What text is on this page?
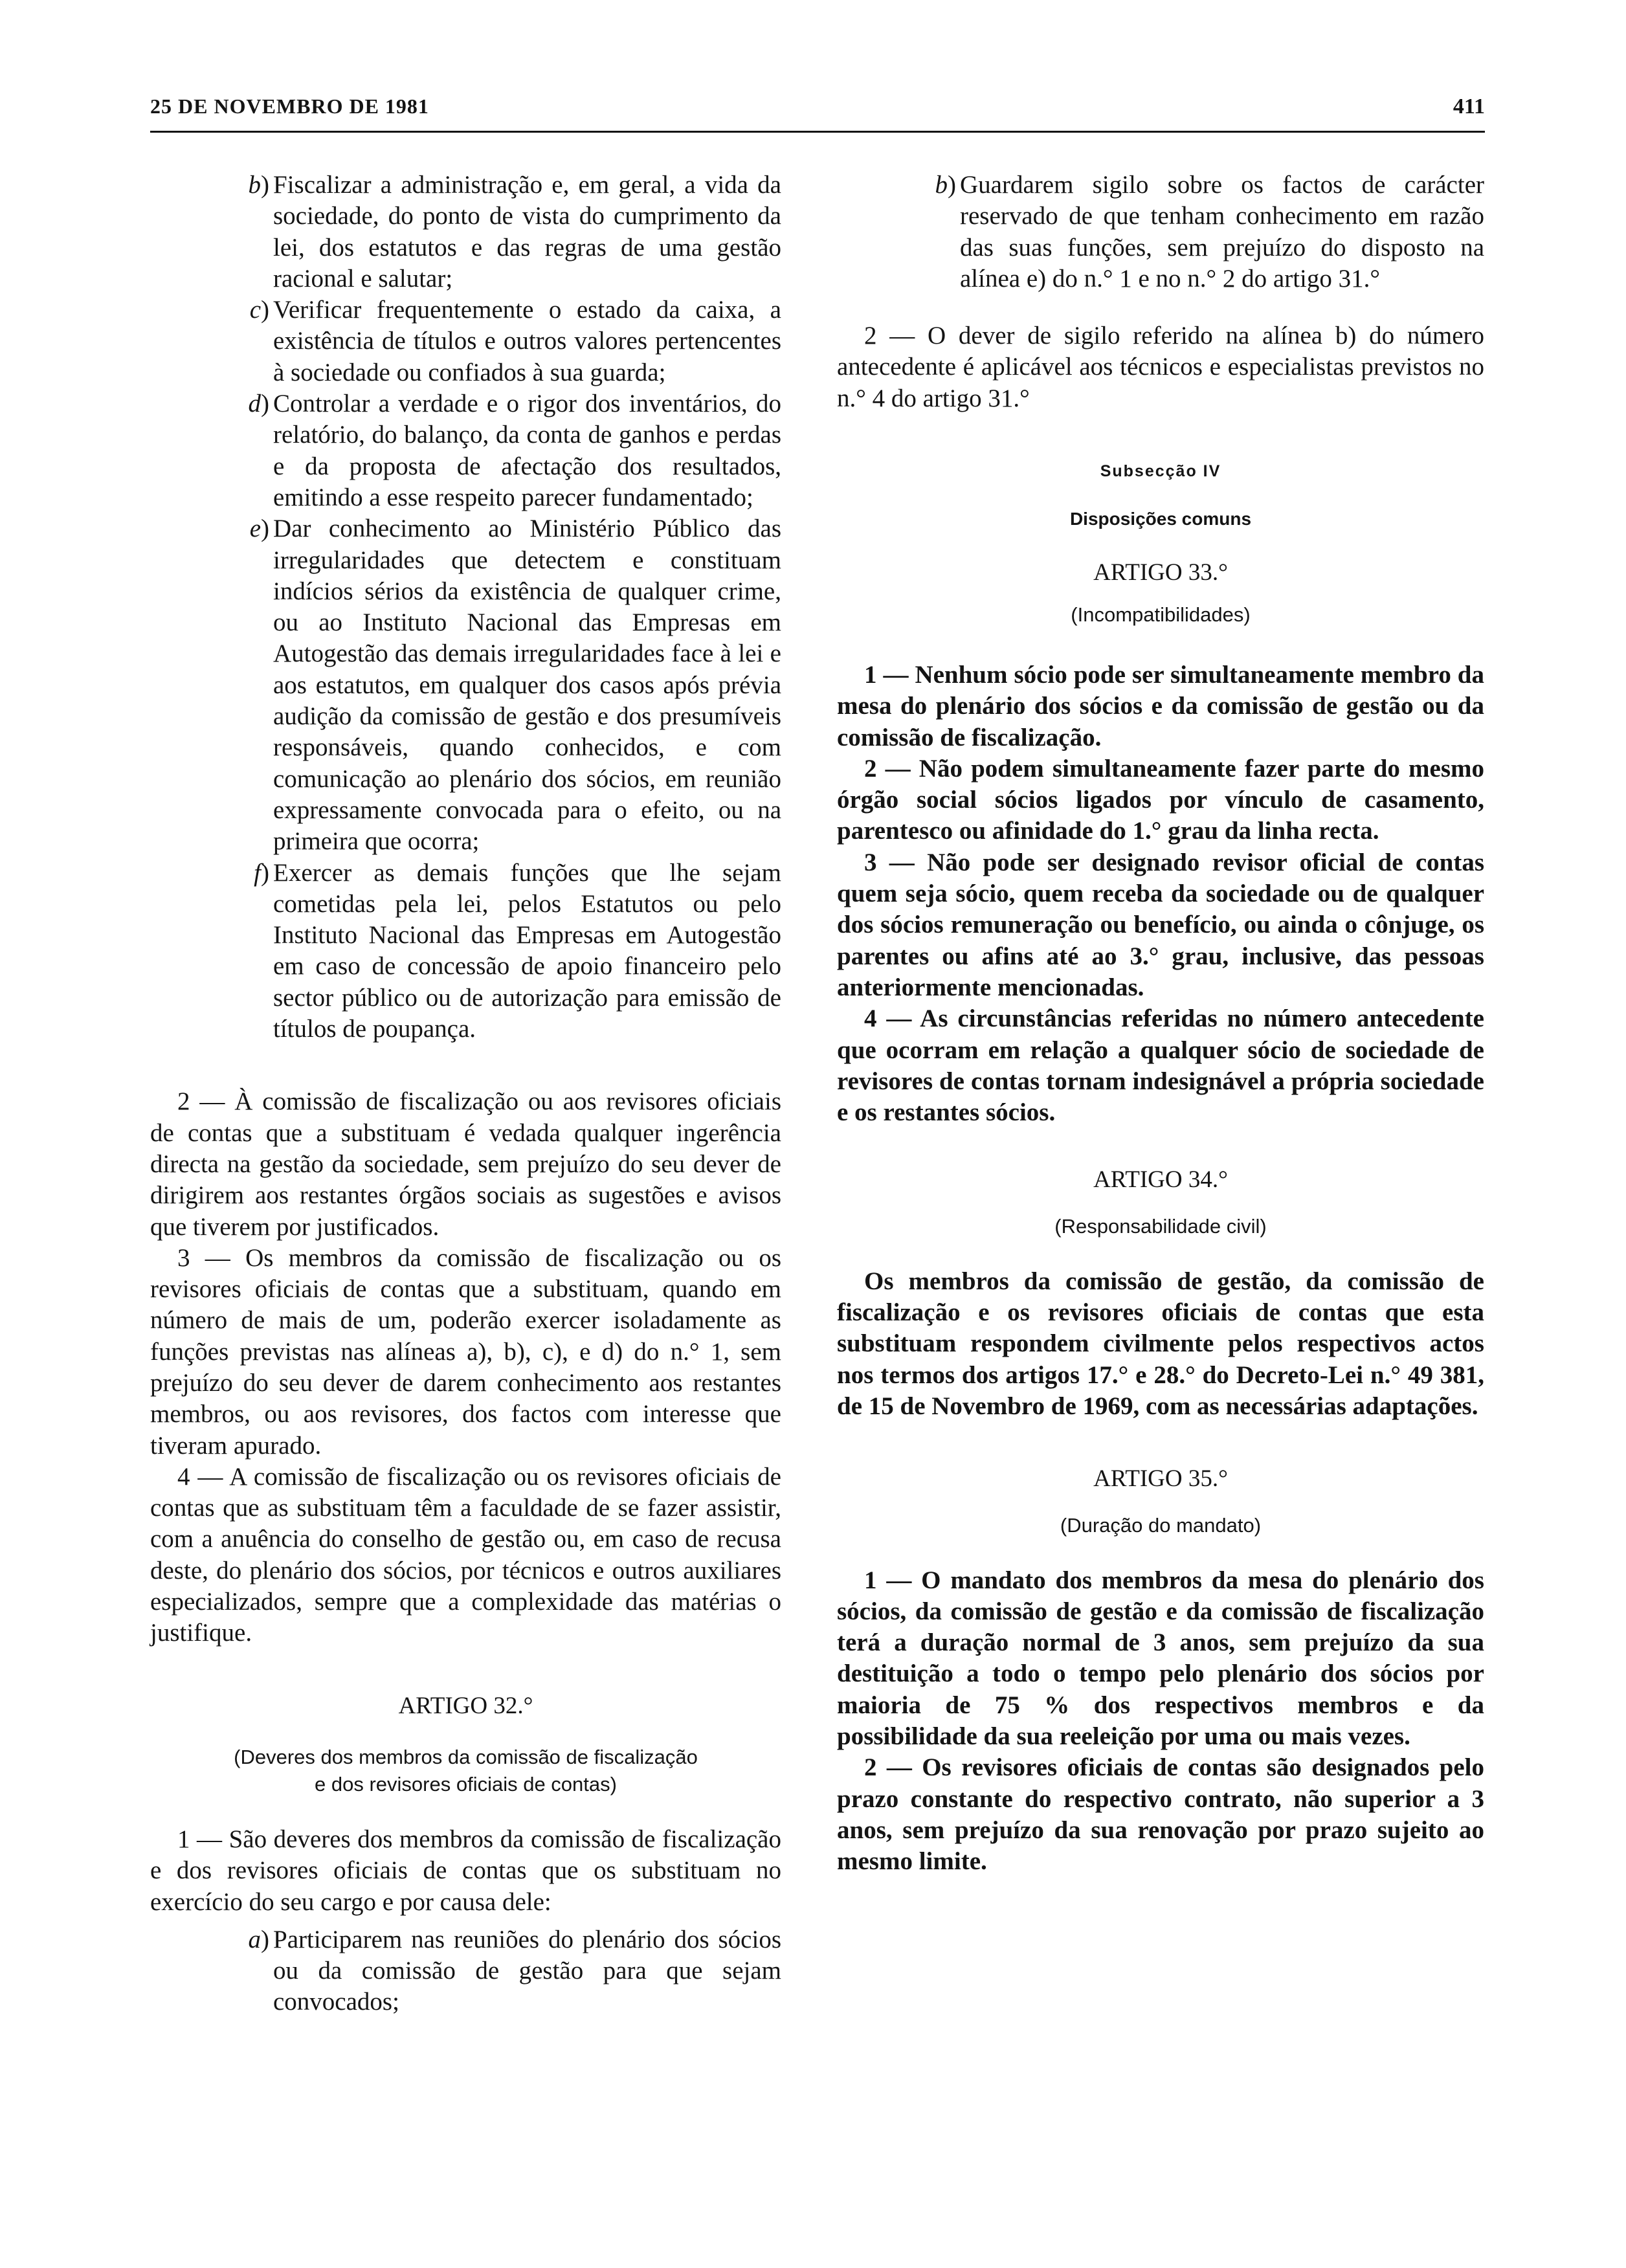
25 DE NOVEMBRO DE 1981	411
b) Fiscalizar a administração e, em geral, a vida da sociedade, do ponto de vista do cumprimento da lei, dos estatutos e das regras de uma gestão racional e salutar;
c) Verificar frequentemente o estado da caixa, a existência de títulos e outros valores pertencentes à sociedade ou confiados à sua guarda;
d) Controlar a verdade e o rigor dos inventários, do relatório, do balanço, da conta de ganhos e perdas e da proposta de afectação dos resultados, emitindo a esse respeito parecer fundamentado;
e) Dar conhecimento ao Ministério Público das irregularidades que detectem e constituam indícios sérios da existência de qualquer crime, ou ao Instituto Nacional das Empresas em Autogestão das demais irregularidades face à lei e aos estatutos, em qualquer dos casos após prévia audição da comissão de gestão e dos presumíveis responsáveis, quando conhecidos, e com comunicação ao plenário dos sócios, em reunião expressamente convocada para o efeito, ou na primeira que ocorra;
f) Exercer as demais funções que lhe sejam cometidas pela lei, pelos Estatutos ou pelo Instituto Nacional das Empresas em Autogestão em caso de concessão de apoio financeiro pelo sector público ou de autorização para emissão de títulos de poupança.

2 — À comissão de fiscalização ou aos revisores oficiais de contas que a substituam é vedada qualquer ingerência directa na gestão da sociedade, sem prejuízo do seu dever de dirigirem aos restantes órgãos sociais as sugestões e avisos que tiverem por justificados.

3 — Os membros da comissão de fiscalização ou os revisores oficiais de contas que a substituam, quando em número de mais de um, poderão exercer isoladamente as funções previstas nas alíneas a), b), c), e d) do n.° 1, sem prejuízo do seu dever de darem conhecimento aos restantes membros, ou aos revisores, dos factos com interesse que tiveram apurado.

4 — A comissão de fiscalização ou os revisores oficiais de contas que as substituam têm a faculdade de se fazer assistir, com a anuência do conselho de gestão ou, em caso de recusa deste, do plenário dos sócios, por técnicos e outros auxiliares especializados, sempre que a complexidade das matérias o justifique.

ARTIGO 32.°

(Deveres dos membros da comissão de fiscalização

e dos revisores oficiais de contas)

1 — São deveres dos membros da comissão de fiscalização e dos revisores oficiais de contas que os substituam no exercício do seu cargo e por causa dele:

a) Participarem nas reuniões do plenário dos sócios ou da comissão de gestão para que sejam convocados;
b) Guardarem sigilo sobre os factos de carácter reservado de que tenham conhecimento em razão das suas funções, sem prejuízo do disposto na alínea e) do n.° 1 e no n.° 2 do artigo 31.°

2 — O dever de sigilo referido na alínea b) do número antecedente é aplicável aos técnicos e especialistas previstos no n.° 4 do artigo 31.°

Subsecção IV

Disposições comuns

ARTIGO 33.°

(Incompatibilidades)

1 — Nenhum sócio pode ser simultaneamente membro da mesa do plenário dos sócios e da comissão de gestão ou da comissão de fiscalização.

2 — Não podem simultaneamente fazer parte do mesmo órgão social sócios ligados por vínculo de casamento, parentesco ou afinidade do 1.° grau da linha recta.

3 — Não pode ser designado revisor oficial de contas quem seja sócio, quem receba da sociedade ou de qualquer dos sócios remuneração ou benefício, ou ainda o cônjuge, os parentes ou afins até ao 3.° grau, inclusive, das pessoas anteriormente mencionadas.

4 — As circunstâncias referidas no número antecedente que ocorram em relação a qualquer sócio de sociedade de revisores de contas tornam indesignável a própria sociedade e os restantes sócios.

ARTIGO 34.°

(Responsabilidade civil)

Os membros da comissão de gestão, da comissão de fiscalização e os revisores oficiais de contas que esta substituam respondem civilmente pelos respectivos actos nos termos dos artigos 17.° e 28.° do Decreto-Lei n.° 49 381, de 15 de Novembro de 1969, com as necessárias adaptações.

ARTIGO 35.°

(Duração do mandato)

1 — O mandato dos membros da mesa do plenário dos sócios, da comissão de gestão e da comissão de fiscalização terá a duração normal de 3 anos, sem prejuízo da sua destituição a todo o tempo pelo plenário dos sócios por maioria de 75 % dos respectivos membros e da possibilidade da sua reeleição por uma ou mais vezes.

2 — Os revisores oficiais de contas são designados pelo prazo constante do respectivo contrato, não superior a 3 anos, sem prejuízo da sua renovação por prazo sujeito ao mesmo limite.
